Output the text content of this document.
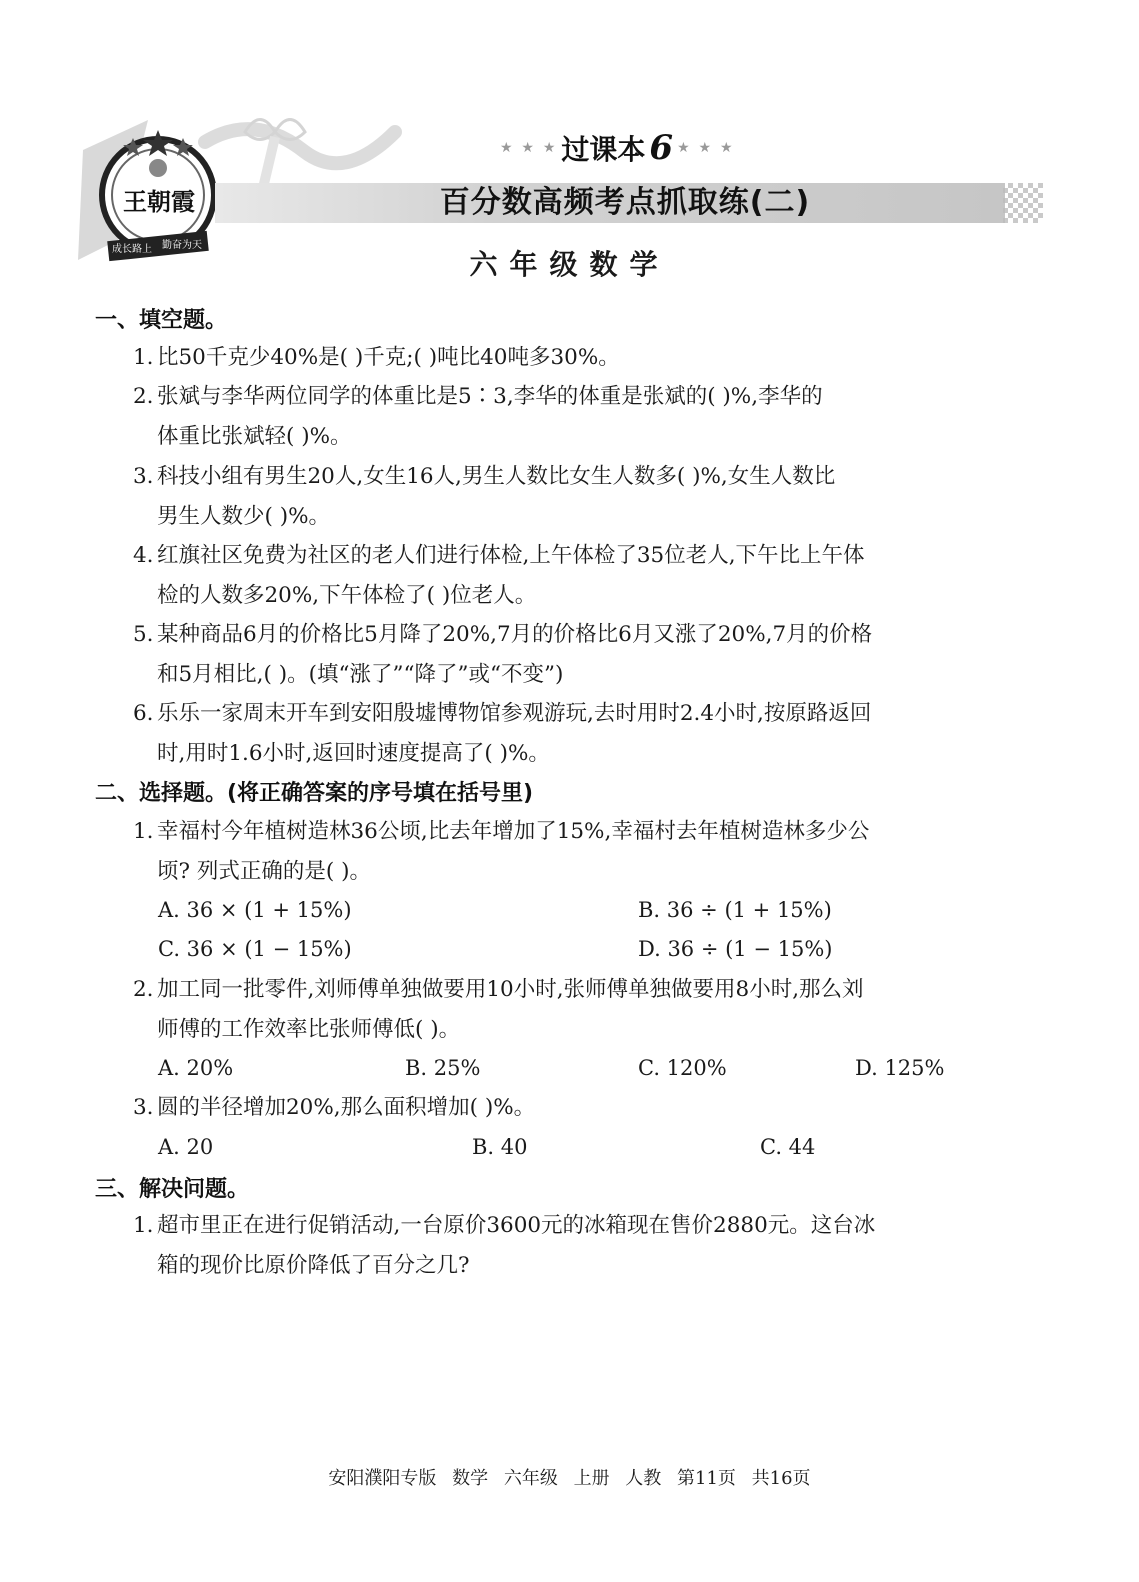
王朝霞
成长路上 勤奋为天
★ ★ ★ 过课本 6 ★ ★ ★
百分数高频考点抓取练(二)
六年级数学
一、填空题。
1. 比50千克少40%是( )千克;( )吨比40吨多30%。
2. 张斌与李华两位同学的体重比是5∶3,李华的体重是张斌的( )%,李华的
体重比张斌轻( )%。
3. 科技小组有男生20人,女生16人,男生人数比女生人数多( )%,女生人数比
男生人数少( )%。
4. 红旗社区免费为社区的老人们进行体检,上午体检了35位老人,下午比上午体
检的人数多20%,下午体检了( )位老人。
5. 某种商品6月的价格比5月降了20%,7月的价格比6月又涨了20%,7月的价格
和5月相比,( )。(填“涨了”“降了”或“不变”)
6. 乐乐一家周末开车到安阳殷墟博物馆参观游玩,去时用时2.4小时,按原路返回
时,用时1.6小时,返回时速度提高了( )%。
二、选择题。(将正确答案的序号填在括号里)
1. 幸福村今年植树造林36公顷,比去年增加了15%,幸福村去年植树造林多少公
顷? 列式正确的是( )。
A. 36 × (1 + 15%)	B. 36 ÷ (1 + 15%)
C. 36 × (1 − 15%)	D. 36 ÷ (1 − 15%)
2. 加工同一批零件,刘师傅单独做要用10小时,张师傅单独做要用8小时,那么刘
师傅的工作效率比张师傅低( )。
A. 20%	B. 25%	C. 120%	D. 125%
3. 圆的半径增加20%,那么面积增加( )%。
A. 20	B. 40	C. 44
三、解决问题。
1. 超市里正在进行促销活动,一台原价3600元的冰箱现在售价2880元。这台冰
箱的现价比原价降低了百分之几?
安阳濮阳专版 数学 六年级 上册 人教 第11页 共16页
